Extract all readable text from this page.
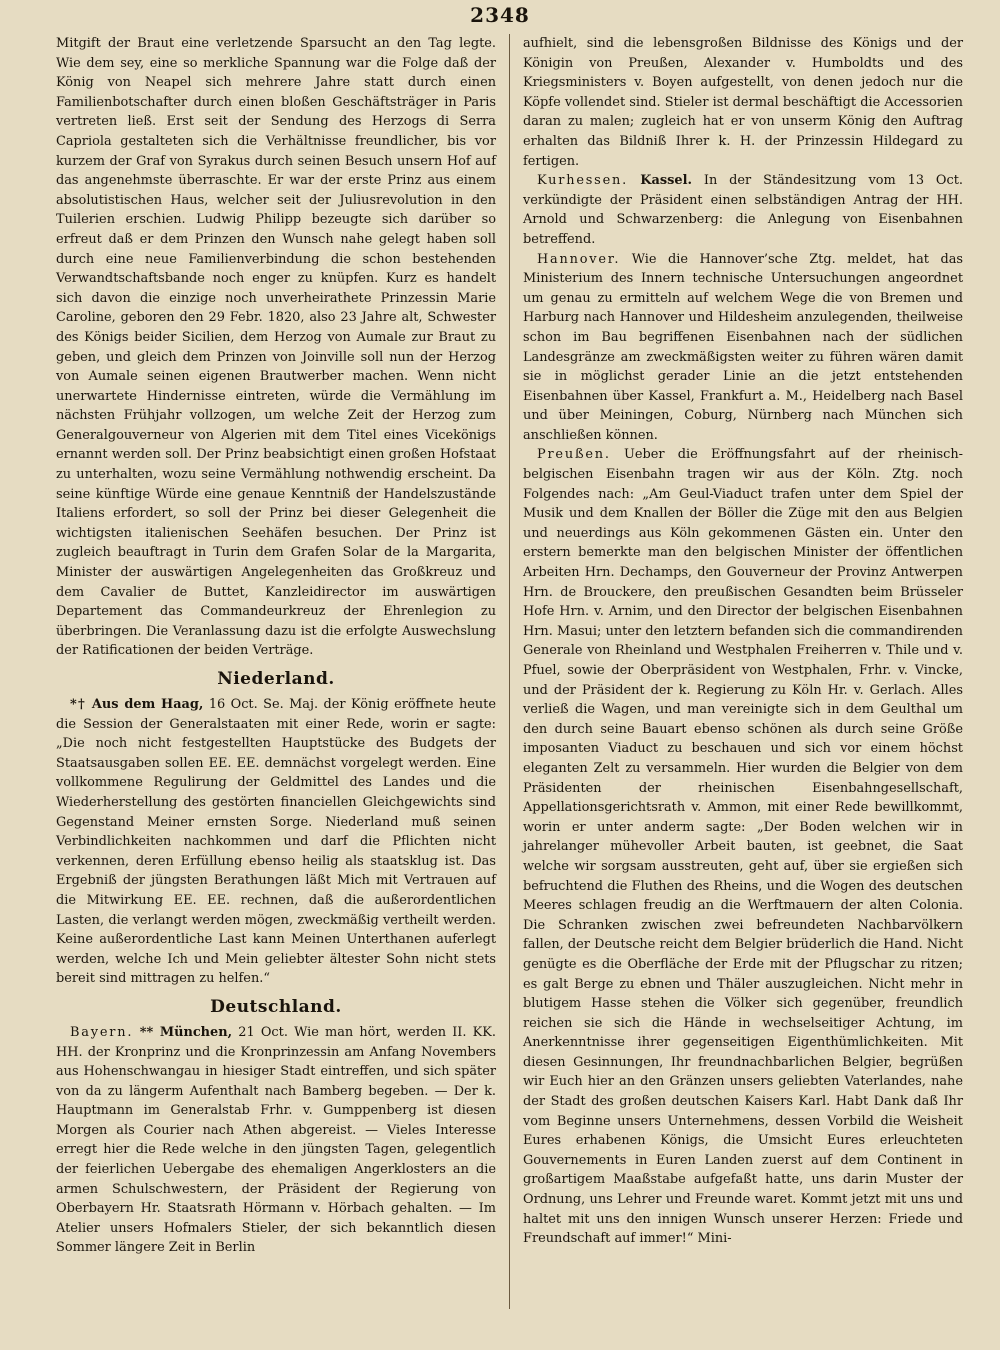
2348

Mitgift der Braut eine verletzende Sparsucht an den Tag legte. Wie dem sey, eine so merkliche Spannung war die Folge daß der König von Neapel sich mehrere Jahre statt durch einen Familienbotschafter durch einen bloßen Geschäftsträger in Paris vertreten ließ. Erst seit der Sendung des Herzogs di Serra Capriola gestalteten sich die Verhältnisse freundlicher, bis vor kurzem der Graf von Syrakus durch seinen Besuch unsern Hof auf das angenehmste überraschte. Er war der erste Prinz aus einem absolutistischen Haus, welcher seit der Juliusrevolution in den Tuilerien erschien. Ludwig Philipp bezeugte sich darüber so erfreut daß er dem Prinzen den Wunsch nahe gelegt haben soll durch eine neue Familienverbindung die schon bestehenden Verwandtschaftsbande noch enger zu knüpfen. Kurz es handelt sich davon die einzige noch unverheirathete Prinzessin Marie Caroline, geboren den 29 Febr. 1820, also 23 Jahre alt, Schwester des Königs beider Sicilien, dem Herzog von Aumale zur Braut zu geben, und gleich dem Prinzen von Joinville soll nun der Herzog von Aumale seinen eigenen Brautwerber machen. Wenn nicht unerwartete Hindernisse eintreten, würde die Vermählung im nächsten Frühjahr vollzogen, um welche Zeit der Herzog zum Generalgouverneur von Algerien mit dem Titel eines Vicekönigs ernannt werden soll. Der Prinz beabsichtigt einen großen Hofstaat zu unterhalten, wozu seine Vermählung nothwendig erscheint. Da seine künftige Würde eine genaue Kenntniß der Handelszustände Italiens erfordert, so soll der Prinz bei dieser Gelegenheit die wichtigsten italienischen Seehäfen besuchen. Der Prinz ist zugleich beauftragt in Turin dem Grafen Solar de la Margarita, Minister der auswärtigen Angelegenheiten das Großkreuz und dem Cavalier de Buttet, Kanzleidirector im auswärtigen Departement das Commandeurkreuz der Ehrenlegion zu überbringen. Die Veranlassung dazu ist die erfolgte Auswechslung der Ratificationen der beiden Verträge.

Niederland.

*† Aus dem Haag, 16 Oct. Se. Maj. der König eröffnete heute die Session der Generalstaaten mit einer Rede, worin er sagte: „Die noch nicht festgestellten Hauptstücke des Budgets der Staatsausgaben sollen EE. EE. demnächst vorgelegt werden. Eine vollkommene Regulirung der Geldmittel des Landes und die Wiederherstellung des gestörten financiellen Gleichgewichts sind Gegenstand Meiner ernsten Sorge. Niederland muß seinen Verbindlichkeiten nachkommen und darf die Pflichten nicht verkennen, deren Erfüllung ebenso heilig als staatsklug ist. Das Ergebniß der jüngsten Berathungen läßt Mich mit Vertrauen auf die Mitwirkung EE. EE. rechnen, daß die außerordentlichen Lasten, die verlangt werden mögen, zweckmäßig vertheilt werden. Keine außerordentliche Last kann Meinen Unterthanen auferlegt werden, welche Ich und Mein geliebter ältester Sohn nicht stets bereit sind mittragen zu helfen.“

Deutschland.

Bayern. ** München, 21 Oct. Wie man hört, werden II. KK. HH. der Kronprinz und die Kronprinzessin am Anfang Novembers aus Hohenschwangau in hiesiger Stadt eintreffen, und sich später von da zu längerm Aufenthalt nach Bamberg begeben. — Der k. Hauptmann im Generalstab Frhr. v. Gumppenberg ist diesen Morgen als Courier nach Athen abgereist. — Vieles Interesse erregt hier die Rede welche in den jüngsten Tagen, gelegentlich der feierlichen Uebergabe des ehemaligen Angerklosters an die armen Schulschwestern, der Präsident der Regierung von Oberbayern Hr. Staatsrath Hörmann v. Hörbach gehalten. — Im Atelier unsers Hofmalers Stieler, der sich bekanntlich diesen Sommer längere Zeit in Berlin

aufhielt, sind die lebensgroßen Bildnisse des Königs und der Königin von Preußen, Alexander v. Humboldts und des Kriegsministers v. Boyen aufgestellt, von denen jedoch nur die Köpfe vollendet sind. Stieler ist dermal beschäftigt die Accessorien daran zu malen; zugleich hat er von unserm König den Auftrag erhalten das Bildniß Ihrer k. H. der Prinzessin Hildegard zu fertigen.

Kurhessen. Kassel. In der Ständesitzung vom 13 Oct. verkündigte der Präsident einen selbständigen Antrag der HH. Arnold und Schwarzenberg: die Anlegung von Eisenbahnen betreffend.

Hannover. Wie die Hannover’sche Ztg. meldet, hat das Ministerium des Innern technische Untersuchungen angeordnet um genau zu ermitteln auf welchem Wege die von Bremen und Harburg nach Hannover und Hildesheim anzulegenden, theilweise schon im Bau begriffenen Eisenbahnen nach der südlichen Landesgränze am zweckmäßigsten weiter zu führen wären damit sie in möglichst gerader Linie an die jetzt entstehenden Eisenbahnen über Kassel, Frankfurt a. M., Heidelberg nach Basel und über Meiningen, Coburg, Nürnberg nach München sich anschließen können.

Preußen. Ueber die Eröffnungsfahrt auf der rheinisch-belgischen Eisenbahn tragen wir aus der Köln. Ztg. noch Folgendes nach: „Am Geul-Viaduct trafen unter dem Spiel der Musik und dem Knallen der Böller die Züge mit den aus Belgien und neuerdings aus Köln gekommenen Gästen ein. Unter den erstern bemerkte man den belgischen Minister der öffentlichen Arbeiten Hrn. Dechamps, den Gouverneur der Provinz Antwerpen Hrn. de Brouckere, den preußischen Gesandten beim Brüsseler Hofe Hrn. v. Arnim, und den Director der belgischen Eisenbahnen Hrn. Masui; unter den letztern befanden sich die commandirenden Generale von Rheinland und Westphalen Freiherren v. Thile und v. Pfuel, sowie der Oberpräsident von Westphalen, Frhr. v. Vincke, und der Präsident der k. Regierung zu Köln Hr. v. Gerlach. Alles verließ die Wagen, und man vereinigte sich in dem Geulthal um den durch seine Bauart ebenso schönen als durch seine Größe imposanten Viaduct zu beschauen und sich vor einem höchst eleganten Zelt zu versammeln. Hier wurden die Belgier von dem Präsidenten der rheinischen Eisenbahngesellschaft, Appellationsgerichtsrath v. Ammon, mit einer Rede bewillkommt, worin er unter anderm sagte: „Der Boden welchen wir in jahrelanger mühevoller Arbeit bauten, ist geebnet, die Saat welche wir sorgsam ausstreuten, geht auf, über sie ergießen sich befruchtend die Fluthen des Rheins, und die Wogen des deutschen Meeres schlagen freudig an die Werftmauern der alten Colonia. Die Schranken zwischen zwei befreundeten Nachbarvölkern fallen, der Deutsche reicht dem Belgier brüderlich die Hand. Nicht genügte es die Oberfläche der Erde mit der Pflugschar zu ritzen; es galt Berge zu ebnen und Thäler auszugleichen. Nicht mehr in blutigem Hasse stehen die Völker sich gegenüber, freundlich reichen sie sich die Hände in wechselseitiger Achtung, im Anerkenntnisse ihrer gegenseitigen Eigenthümlichkeiten. Mit diesen Gesinnungen, Ihr freundnachbarlichen Belgier, begrüßen wir Euch hier an den Gränzen unsers geliebten Vaterlandes, nahe der Stadt des großen deutschen Kaisers Karl. Habt Dank daß Ihr vom Beginne unsers Unternehmens, dessen Vorbild die Weisheit Eures erhabenen Königs, die Umsicht Eures erleuchteten Gouvernements in Euren Landen zuerst auf dem Continent in großartigem Maaßstabe aufgefaßt hatte, uns darin Muster der Ordnung, uns Lehrer und Freunde waret. Kommt jetzt mit uns und haltet mit uns den innigen Wunsch unserer Herzen: Friede und Freundschaft auf immer!“ Mini-
